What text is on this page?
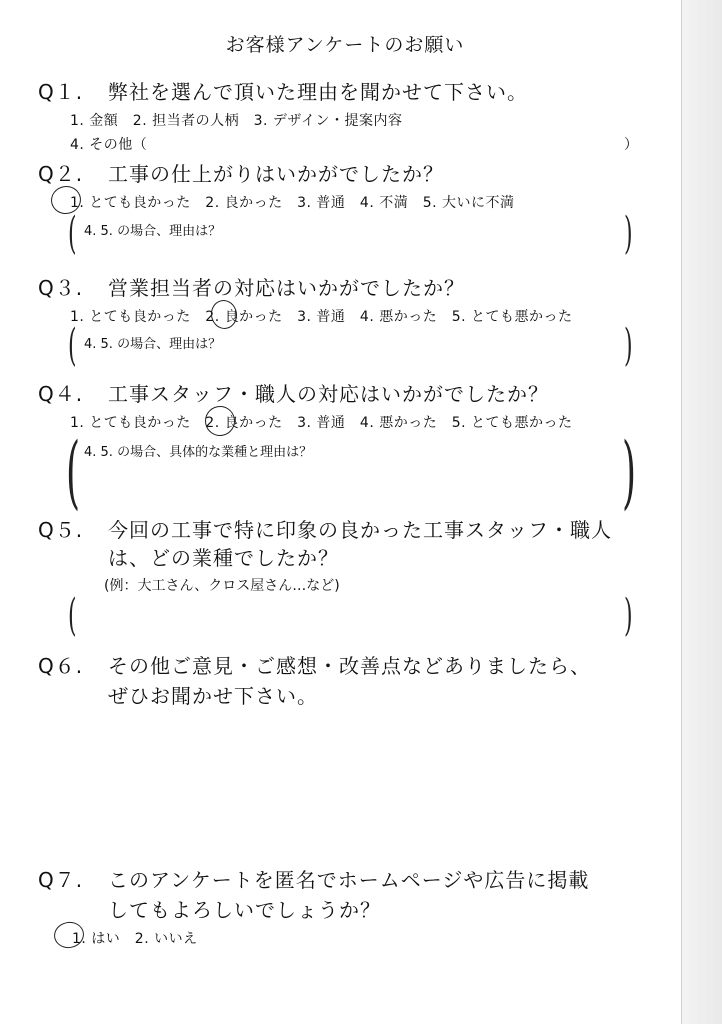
お客様アンケートのお願い
Q１. 弊社を選んで頂いた理由を聞かせて下さい。
1. 金額　2. 担当者の人柄　3. デザイン・提案内容
4. その他（	）
Q２. 工事の仕上がりはいかがでしたか？
1. とても良かった　2. 良かった　3. 普通　4. 不満　5. 大いに不満
( 4. 5. の場合、理由は？	)
Q３. 営業担当者の対応はいかがでしたか？
1. とても良かった　2. 良かった　3. 普通　4. 悪かった　5. とても悪かった
( 4. 5. の場合、理由は？	)
Q４. 工事スタッフ・職人の対応はいかがでしたか？
1. とても良かった　2. 良かった　3. 普通　4. 悪かった　5. とても悪かった
( 4. 5. の場合、具体的な業種と理由は？	)
Q５. 今回の工事で特に印象の良かった工事スタッフ・職人
は、どの業種でしたか？
(例：大工さん、クロス屋さん…など)
(	)
Q６. その他ご意見・ご感想・改善点などありましたら、
ぜひお聞かせ下さい。
Q７. このアンケートを匿名でホームページや広告に掲載
してもよろしいでしょうか？
1. はい　2. いいえ
